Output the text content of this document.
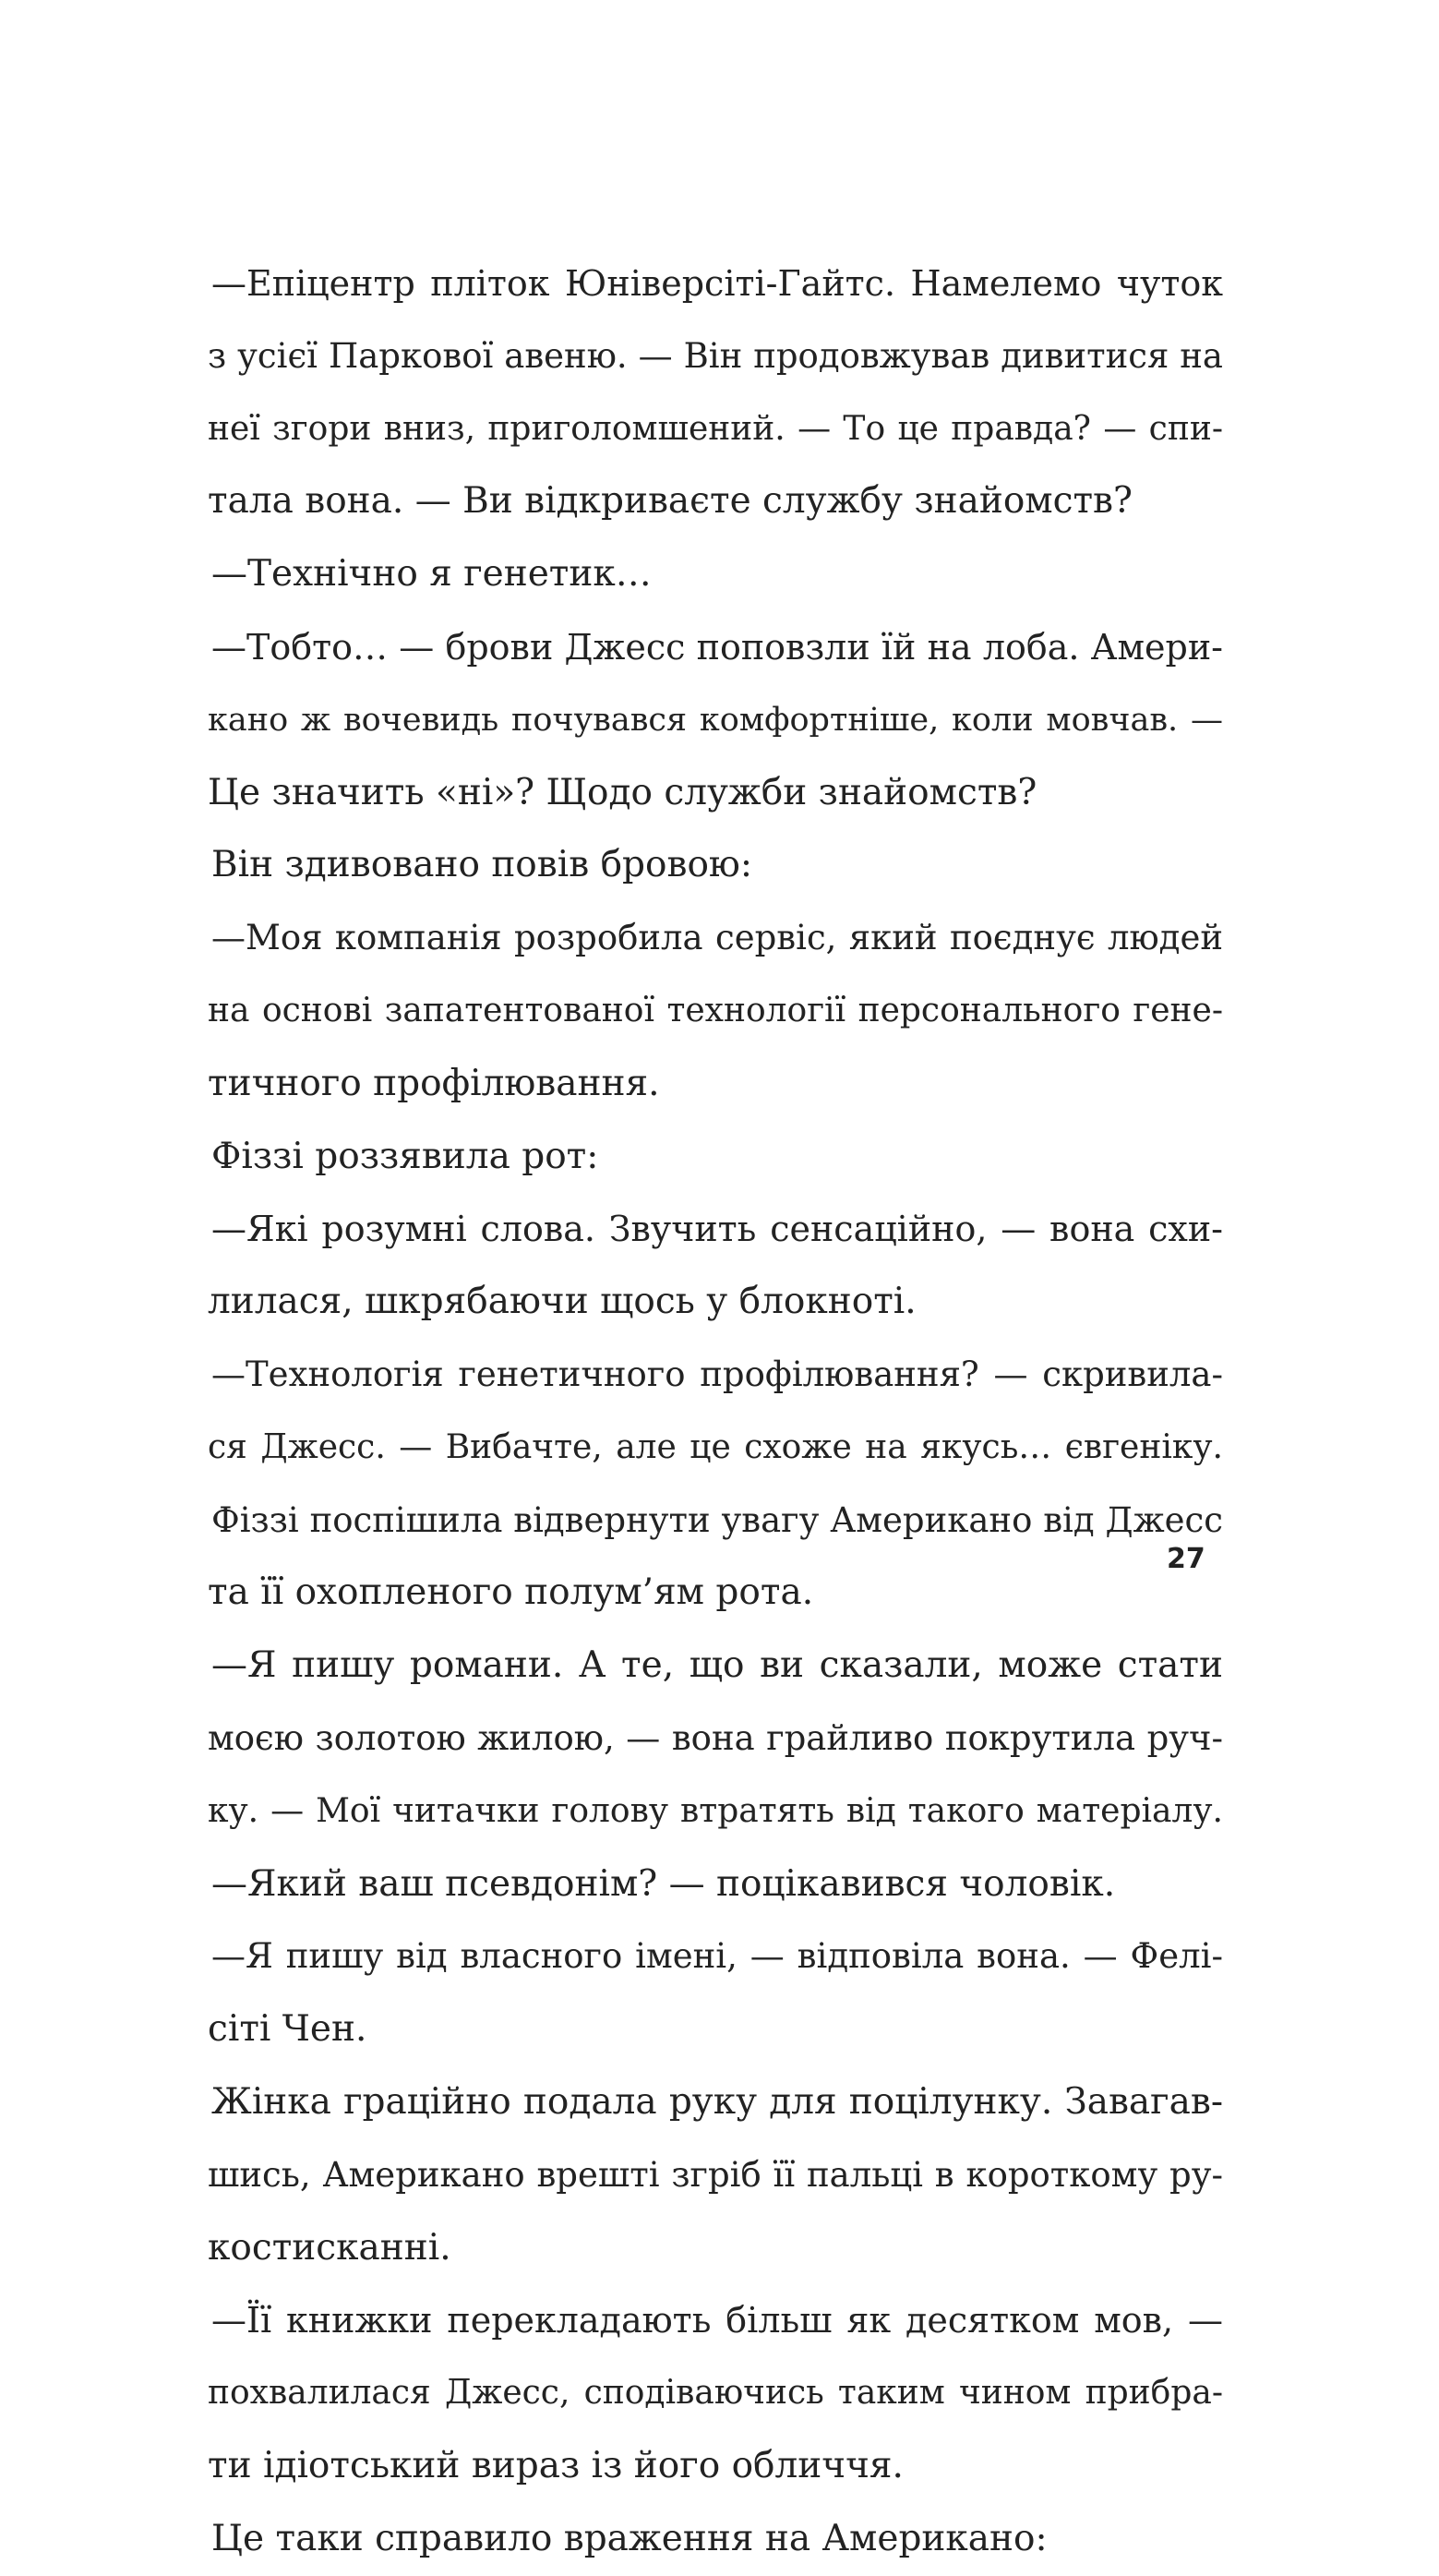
—Епіцентр пліток Юніверсіті-Гайтс. Намелемо чуток
з усієї Паркової авеню. — Він продовжував дивитися на
неї згори вниз, приголомшений. — То це правда? — спи-
тала вона. — Ви відкриваєте службу знайомств?
—Технічно я генетик…
—Тобто… — брови Джесс поповзли їй на лоба. Амери-
кано ж вочевидь почувався комфортніше, коли мовчав. —
Це значить «ні»? Щодо служби знайомств?
Він здивовано повів бровою:
—Моя компанія розробила сервіс, який поєднує людей
на основі запатентованої технології персонального гене-
тичного профілювання.
Фіззі роззявила рот:
—Які розумні слова. Звучить сенсаційно, — вона схи-
лилася, шкрябаючи щось у блокноті.
—Технологія генетичного профілювання? — скривила-
ся Джесс. — Вибачте, але це схоже на якусь… євгеніку.
Фіззі поспішила відвернути увагу Американо від Джесс
та її охопленого полум’ям рота.
—Я пишу романи. А те, що ви сказали, може стати
моєю золотою жилою, — вона грайливо покрутила руч-
ку. — Мої читачки голову втратять від такого матеріалу.
—Який ваш псевдонім? — поцікавився чоловік.
—Я пишу від власного імені, — відповіла вона. — Фелі-
сіті Чен.
Жінка граційно подала руку для поцілунку. Завагав-
шись, Американо врешті згріб її пальці в короткому ру-
костисканні.
—Її книжки перекладають більш як десятком мов, —
похвалилася Джесс, сподіваючись таким чином прибра-
ти ідіотський вираз із його обличчя.
Це таки справило враження на Американо:
27
